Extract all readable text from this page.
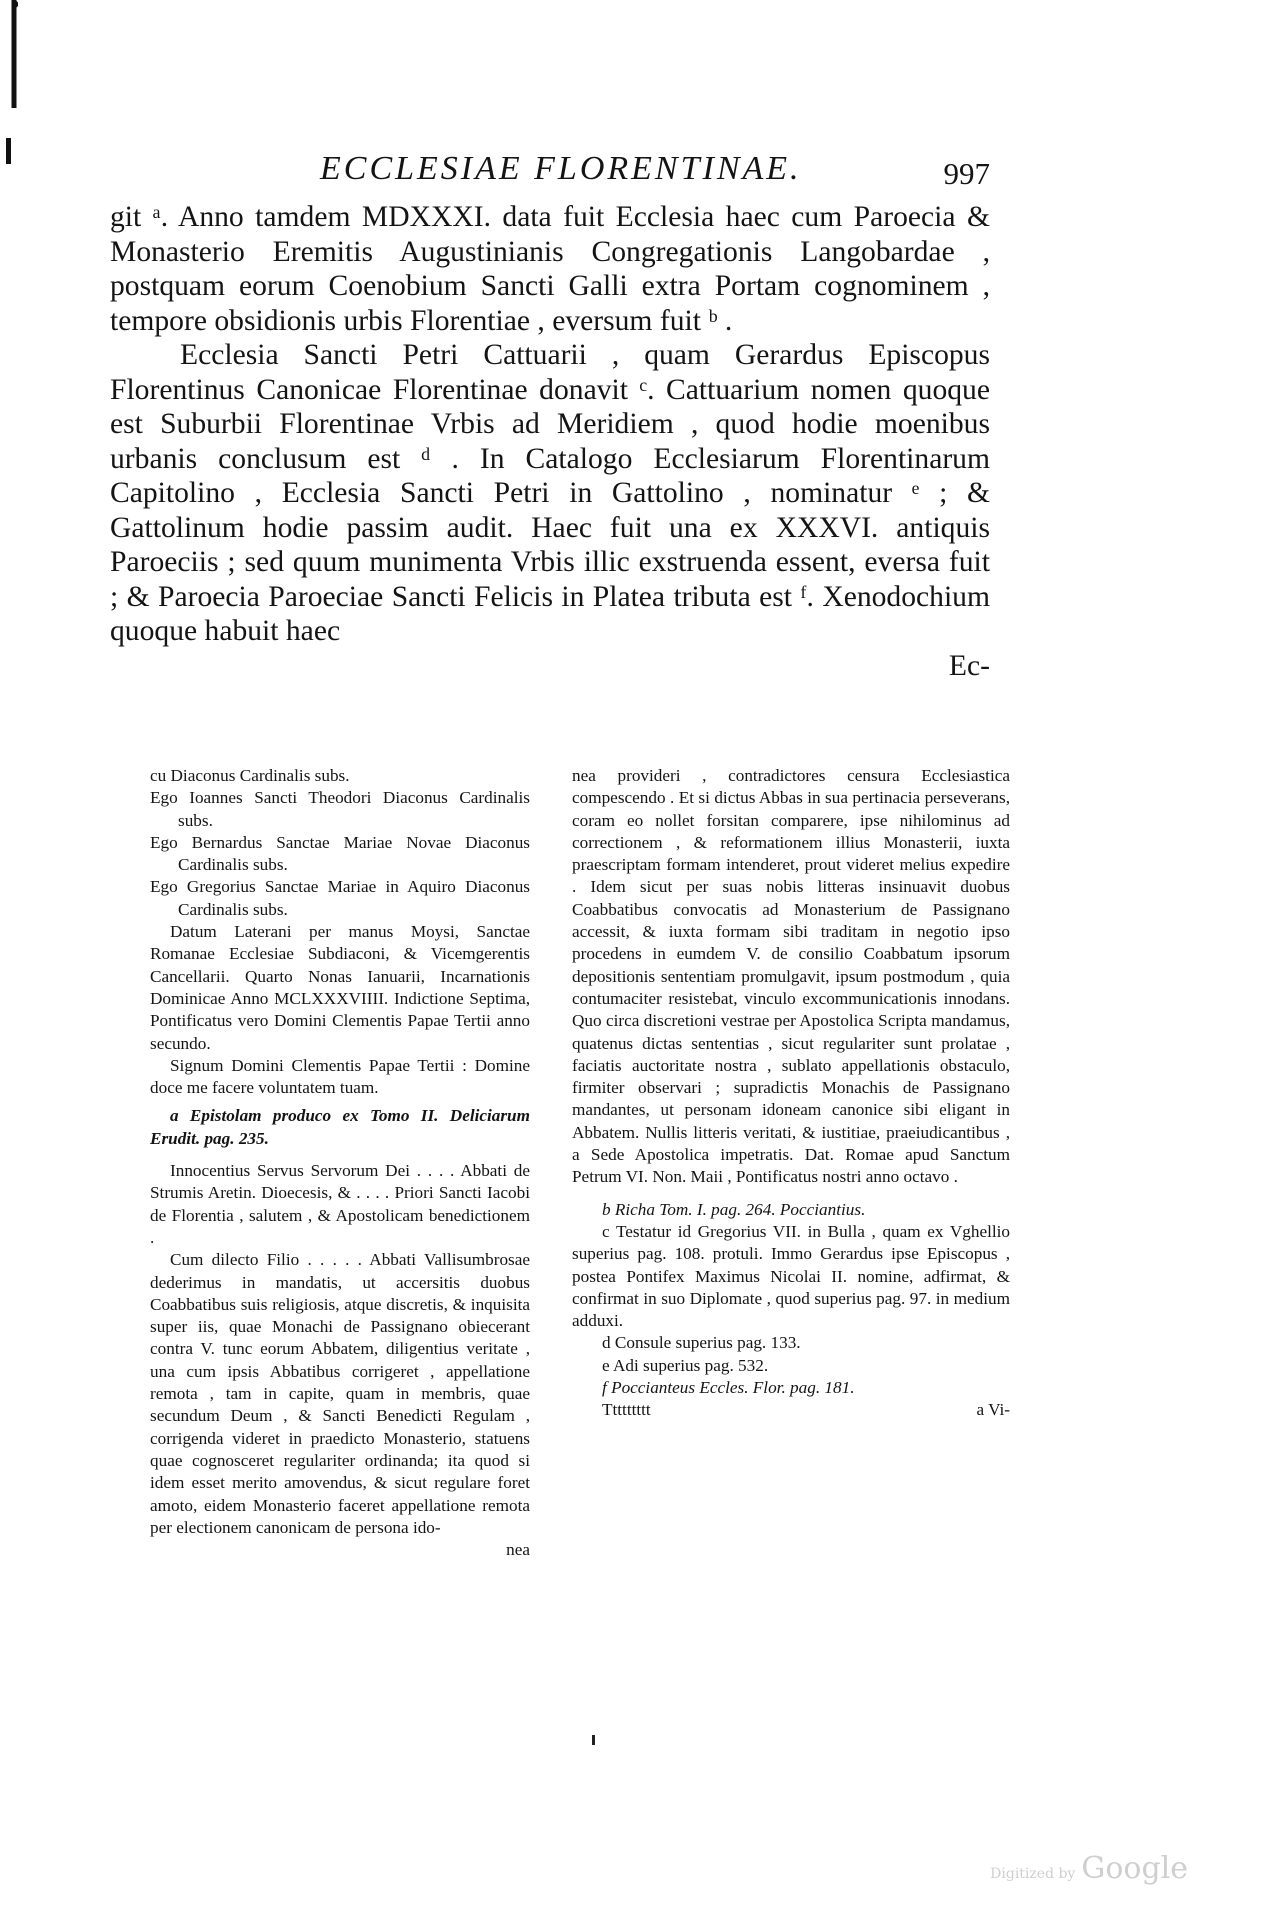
ECCLESIAE FLORENTINAE.	997

git ᵃ. Anno tamdem MDXXXI. data fuit Ecclesia haec cum Paroecia & Monasterio Eremitis Augustinianis Congregationis Langobardae , postquam eorum Coenobium Sancti Galli extra Portam cognominem , tempore obsidionis urbis Florentiae , eversum fuit ᵇ .

Ecclesia Sancti Petri Cattuarii , quam Gerardus Episcopus Florentinus Canonicae Florentinae donavit ᶜ. Cattuarium nomen quoque est Suburbii Florentinae Vrbis ad Meridiem , quod hodie moenibus urbanis conclusum est ᵈ . In Catalogo Ecclesiarum Florentinarum Capitolino , Ecclesia Sancti Petri in Gattolino , nominatur ᵉ ; & Gattolinum hodie passim audit. Haec fuit una ex XXXVI. antiquis Paroeciis ; sed quum munimenta Vrbis illic exstruenda essent, eversa fuit ; & Paroecia Paroeciae Sancti Felicis in Platea tributa est ᶠ. Xenodochium quoque habuit haec

Ec-

cu Diaconus Cardinalis subs.

Ego Ioannes Sancti Theodori Diaconus Cardinalis subs.

Ego Bernardus Sanctae Mariae Novae Diaconus Cardinalis subs.

Ego Gregorius Sanctae Mariae in Aquiro Diaconus Cardinalis subs.

Datum Laterani per manus Moysi, Sanctae Romanae Ecclesiae Subdiaconi, & Vicemgerentis Cancellarii. Quarto Nonas Ianuarii, Incarnationis Dominicae Anno MCLXXXVIIII. Indictione Septima, Pontificatus vero Domini Clementis Papae Tertii anno secundo.

Signum Domini Clementis Papae Tertii : Domine doce me facere voluntatem tuam.

a Epistolam produco ex Tomo II. Deliciarum Erudit. pag. 235.

Innocentius Servus Servorum Dei . . . . Abbati de Strumis Aretin. Dioecesis, & . . . . Priori Sancti Iacobi de Florentia , salutem , & Apostolicam benedictionem .

Cum dilecto Filio . . . . . Abbati Vallisumbrosae dederimus in mandatis, ut accersitis duobus Coabbatibus suis religiosis, atque discretis, & inquisita super iis, quae Monachi de Passignano obiecerant contra V. tunc eorum Abbatem, diligentius veritate , una cum ipsis Abbatibus corrigeret , appellatione remota , tam in capite, quam in membris, quae secundum Deum , & Sancti Benedicti Regulam , corrigenda videret in praedicto Monasterio, statuens quae cognosceret regulariter ordinanda; ita quod si idem esset merito amovendus, & sicut regulare foret amoto, eidem Monasterio faceret appellatione remota per electionem canonicam de persona ido-

nea

nea provideri , contradictores censura Ecclesiastica compescendo . Et si dictus Abbas in sua pertinacia perseverans, coram eo nollet forsitan comparere, ipse nihilominus ad correctionem , & reformationem illius Monasterii, iuxta praescriptam formam intenderet, prout videret melius expedire . Idem sicut per suas nobis litteras insinuavit duobus Coabbatibus convocatis ad Monasterium de Passignano accessit, & iuxta formam sibi traditam in negotio ipso procedens in eumdem V. de consilio Coabbatum ipsorum depositionis sententiam promulgavit, ipsum postmodum , quia contumaciter resistebat, vinculo excommunicationis innodans. Quo circa discretioni vestrae per Apostolica Scripta mandamus, quatenus dictas sententias , sicut regulariter sunt prolatae , faciatis auctoritate nostra , sublato appellationis obstaculo, firmiter observari ; supradictis Monachis de Passignano mandantes, ut personam idoneam canonice sibi eligant in Abbatem. Nullis litteris veritati, & iustitiae, praeiudicantibus , a Sede Apostolica impetratis. Dat. Romae apud Sanctum Petrum VI. Non. Maii , Pontificatus nostri anno octavo .

b Richa Tom. I. pag. 264. Pocciantius.

c Testatur id Gregorius VII. in Bulla , quam ex Vghellio superius pag. 108. protuli. Immo Gerardus ipse Episcopus , postea Pontifex Maximus Nicolai II. nomine, adfirmat, & confirmat in suo Diplomate , quod superius pag. 97. in medium adduxi.

d Consule superius pag. 133.

e Adi superius pag. 532.

f Poccianteus Eccles. Flor. pag. 181.

Ttttttttt	a Vi-
Digitized by Google
